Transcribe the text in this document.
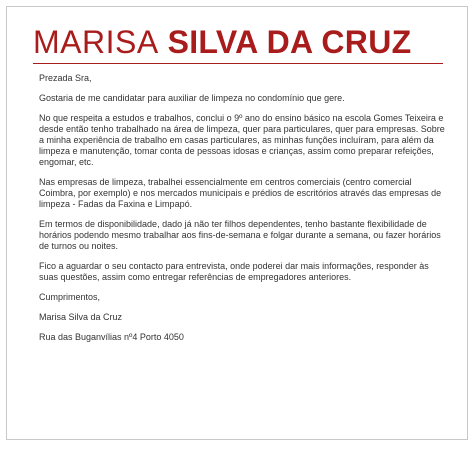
MARISA SILVA DA CRUZ

Prezada Sra,

Gostaria de me candidatar para auxiliar de limpeza no condomínio que gere.

No que respeita a estudos e trabalhos, conclui o 9º ano do ensino básico na escola Gomes Teixeira e desde então tenho trabalhado na área de limpeza, quer para particulares, quer para empresas. Sobre a minha experiência de trabalho em casas particulares, as minhas funções incluíram, para além da limpeza e manutenção, tomar conta de pessoas idosas e crianças, assim como preparar refeições, engomar, etc.

Nas empresas de limpeza, trabalhei essencialmente em centros comerciais (centro comercial Coimbra, por exemplo) e nos mercados municipais e prédios de escritórios através das empresas de limpeza - Fadas da Faxina e Limpapó.

Em termos de disponibilidade, dado já não ter filhos dependentes, tenho bastante flexibilidade de horários podendo mesmo trabalhar aos fins-de-semana e folgar durante a semana, ou fazer horários de turnos ou noites.

Fico a aguardar o seu contacto para entrevista, onde poderei dar mais informações, responder às suas questões, assim como entregar referências de empregadores anteriores.

Cumprimentos,

Marisa Silva da Cruz

Rua das Buganvílias nº4 Porto 4050
